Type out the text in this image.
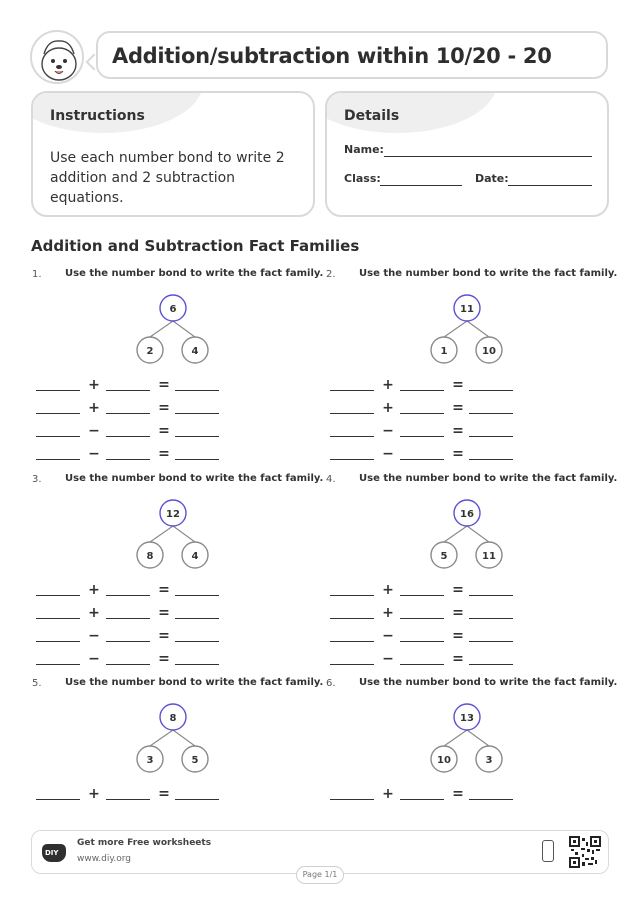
Addition/subtraction within 10/20 - 20
Instructions
Use each number bond to write 2 addition and 2 subtraction equations.
Details
Name:
Class:	Date:
Addition and Subtraction Fact Families
1. Use the number bond to write the fact family.
6
2	4
+	=
+	=
−	=
−	=
2. Use the number bond to write the fact family.
11
1	10
+	=
+	=
−	=
−	=
3. Use the number bond to write the fact family.
12
8	4
+	=
+	=
−	=
−	=
4. Use the number bond to write the fact family.
16
5	11
+	=
+	=
−	=
−	=
5. Use the number bond to write the fact family.
8
3	5
+	=
6. Use the number bond to write the fact family.
13
10	3
+	=
DIY
Get more Free worksheets
www.diy.org
Page 1/1
